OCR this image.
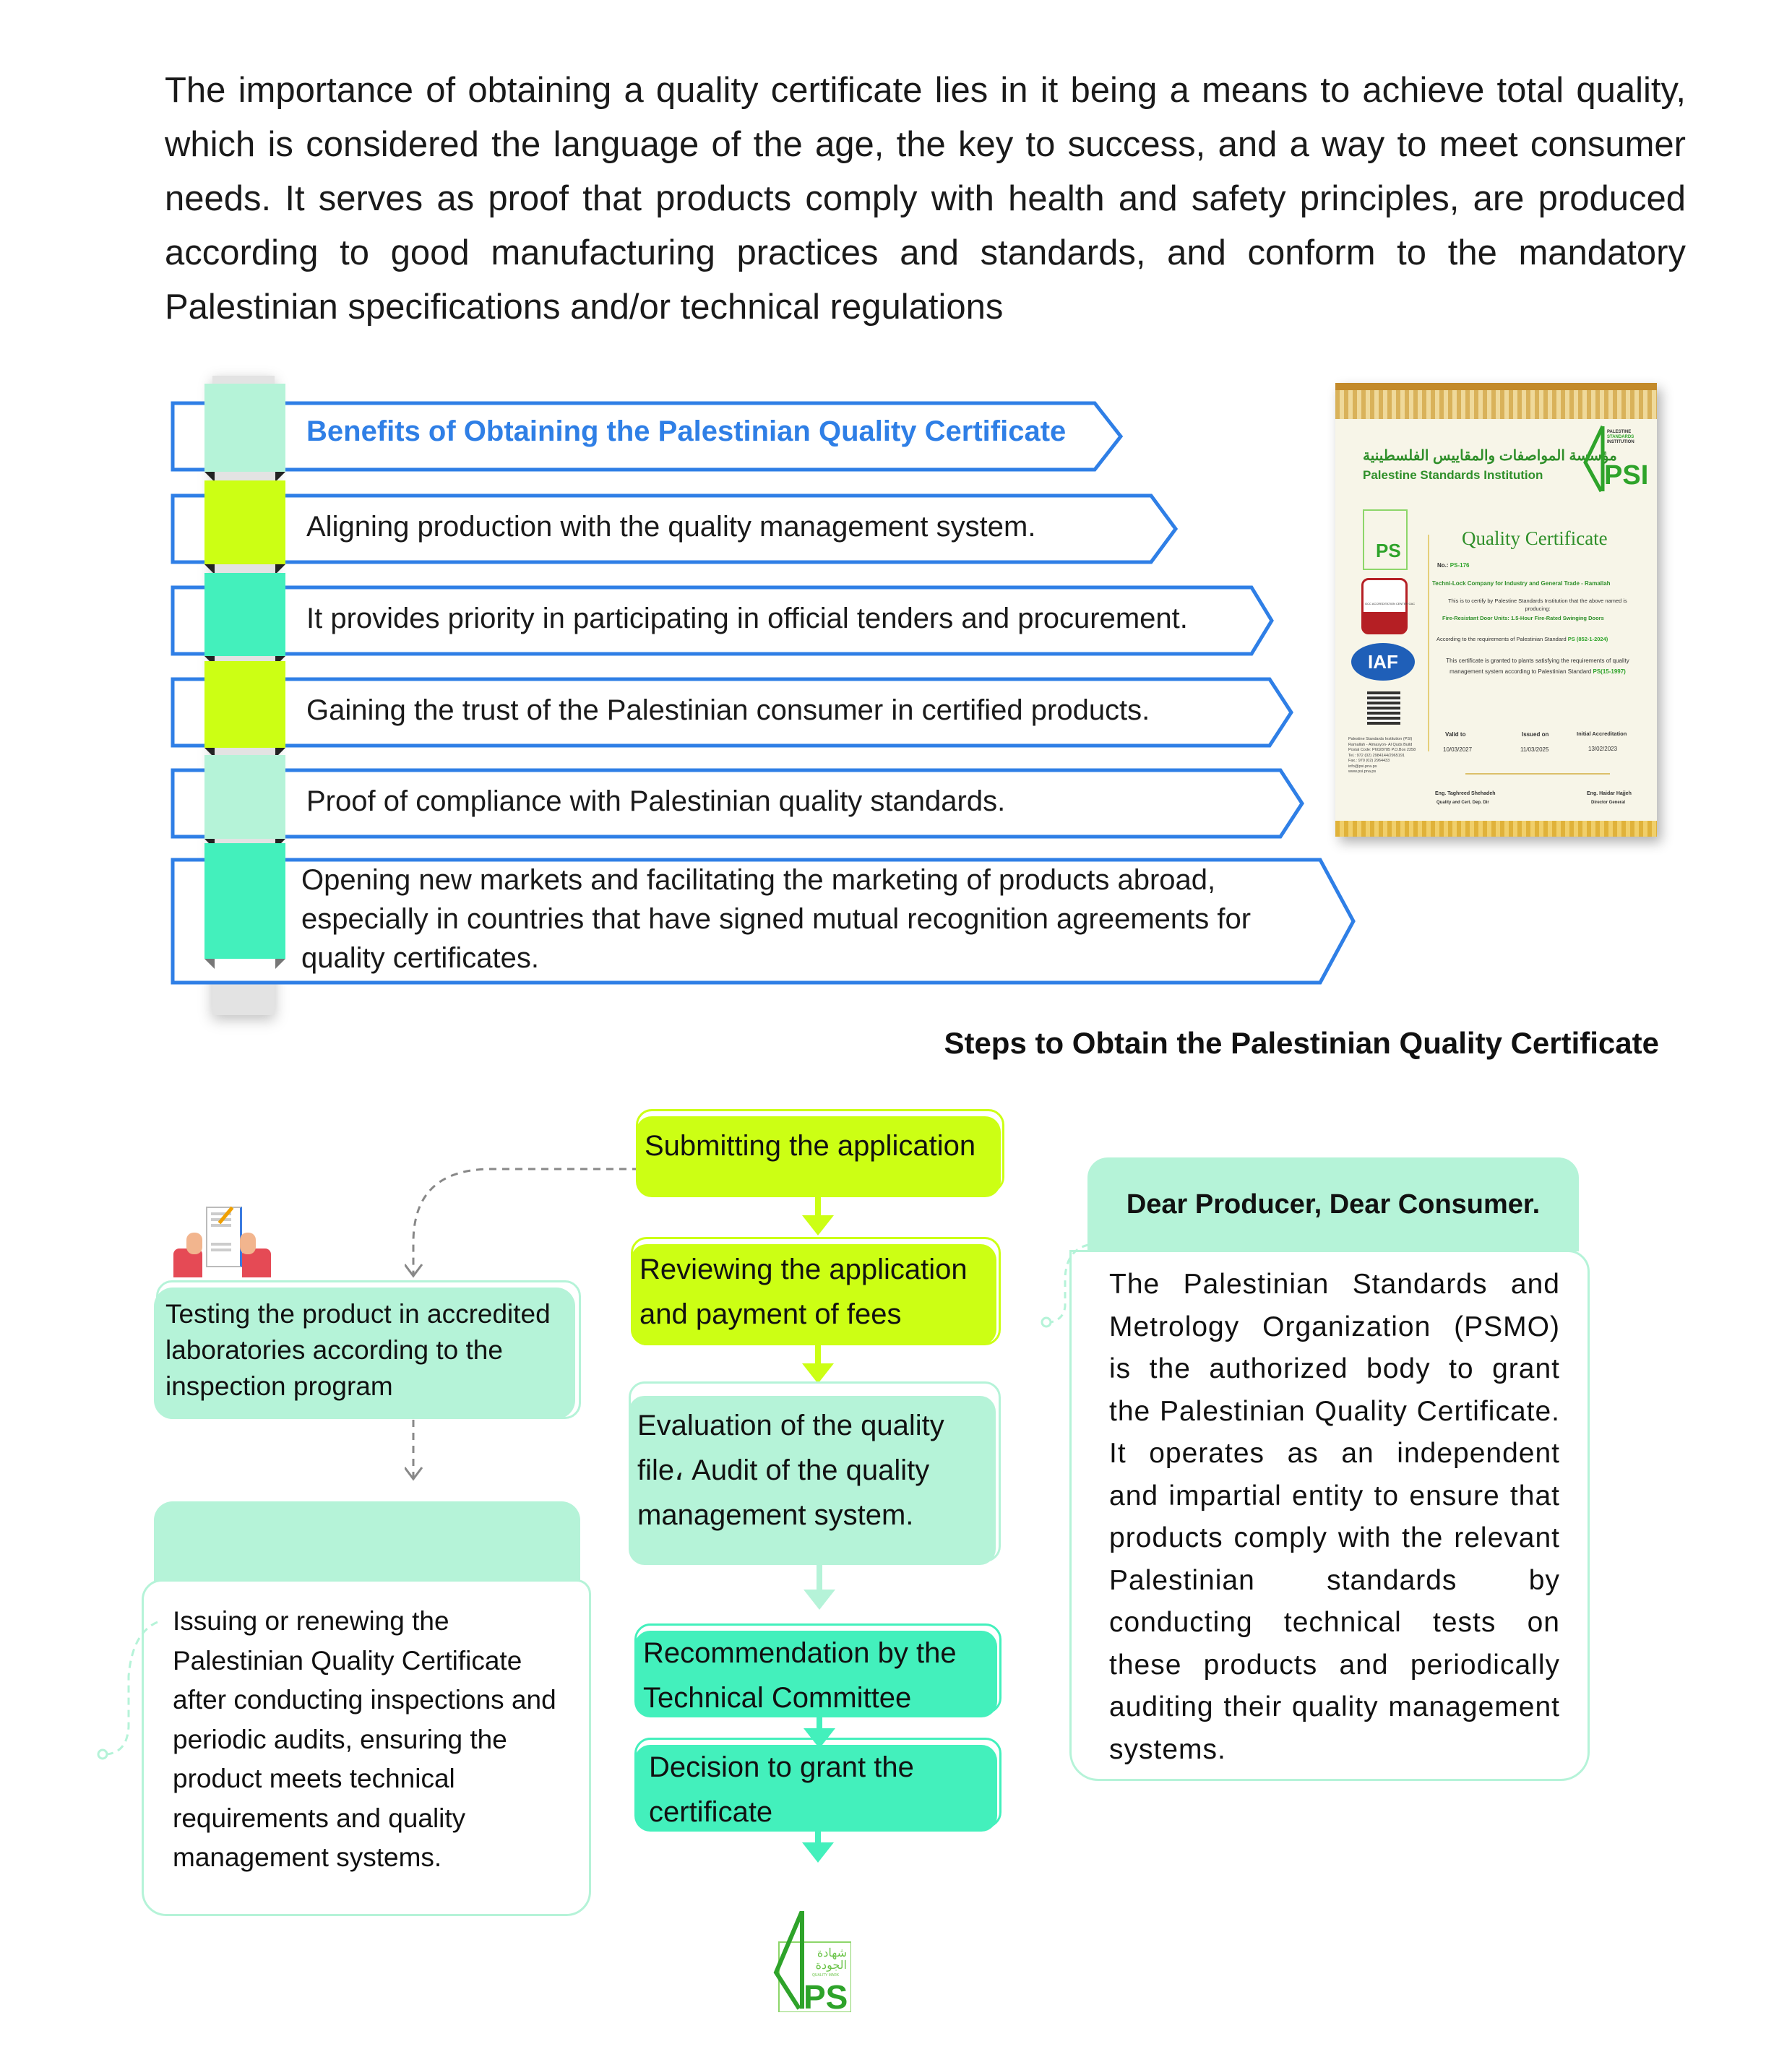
The importance of obtaining a quality certificate lies in it being a means to achieve total quality, which is considered the language of the age, the key to success, and a way to meet consumer needs. It serves as proof that products comply with health and safety principles, are produced according to good manufacturing practices and standards, and conform to the mandatory Palestinian specifications and/or technical regulations
Benefits of Obtaining the Palestinian Quality Certificate
Aligning production with the quality management system.
It provides priority in participating in official tenders and procurement.
Gaining the trust of the Palestinian consumer in certified products.
Proof of compliance with Palestinian quality standards.
Opening new markets and facilitating the marketing of products abroad, especially in countries that have signed mutual recognition agreements for quality certificates.
مؤسسة المواصفات والمقاييس الفلسطينية
Palestine Standards Institution
PALESTINE
STANDARDS
INSTITUTION
PSI
PS
GCC ACCREDITATION CENTER GAC
IAF
Palestine Standards Institution (PSI)
Ramallah - Almasyon- Al Quds Build
Postal Code: P6028785 P.O.Box 2258
Tel.: 972 (02) 2984144/2965191
Fax.: 970 (02) 2964433
info@psi.pna.ps
www.psi.pna.ps
Quality Certificate
No.: PS-176
Techni-Lock Company for Industry and General Trade - Ramallah
This is to certify by Palestine Standards Institution that the above named is producing:
Fire-Resistant Door Units: 1.5-Hour Fire-Rated Swinging Doors
According to the requirements of Palestinian Standard PS (852-1-2024)
This certificate is granted to plants satisfying the requirements of quality management system according to Palestinian Standard PS(15-1997)
Valid to
10/03/2027
Issued on
11/03/2025
Initial Accreditation
13/02/2023
Eng. Taghreed Shehadeh
Quality and Cert. Dep. Dir
Eng. Haidar Hajjeh
Director General
Steps to Obtain the Palestinian Quality Certificate
Testing the product in accredited laboratories according to the inspection program
Issuing or renewing the Palestinian Quality Certificate after conducting inspections and periodic audits, ensuring the product meets technical requirements and quality management systems.
Submitting the application
Reviewing the application and payment of fees
Evaluation of the quality file، Audit of the quality management system.
Recommendation by the Technical Committee
Decision to grant the certificate
شهادة الجودة
QUALITY MARK
PS
Dear Producer, Dear Consumer.
The Palestinian Standards and Metrology Organization (PSMO) is the authorized body to grant the Palestinian Quality Certificate. It operates as an independent and impartial entity to ensure that products comply with the relevant Palestinian standards by conducting technical tests on these products and periodically auditing their quality management systems.
